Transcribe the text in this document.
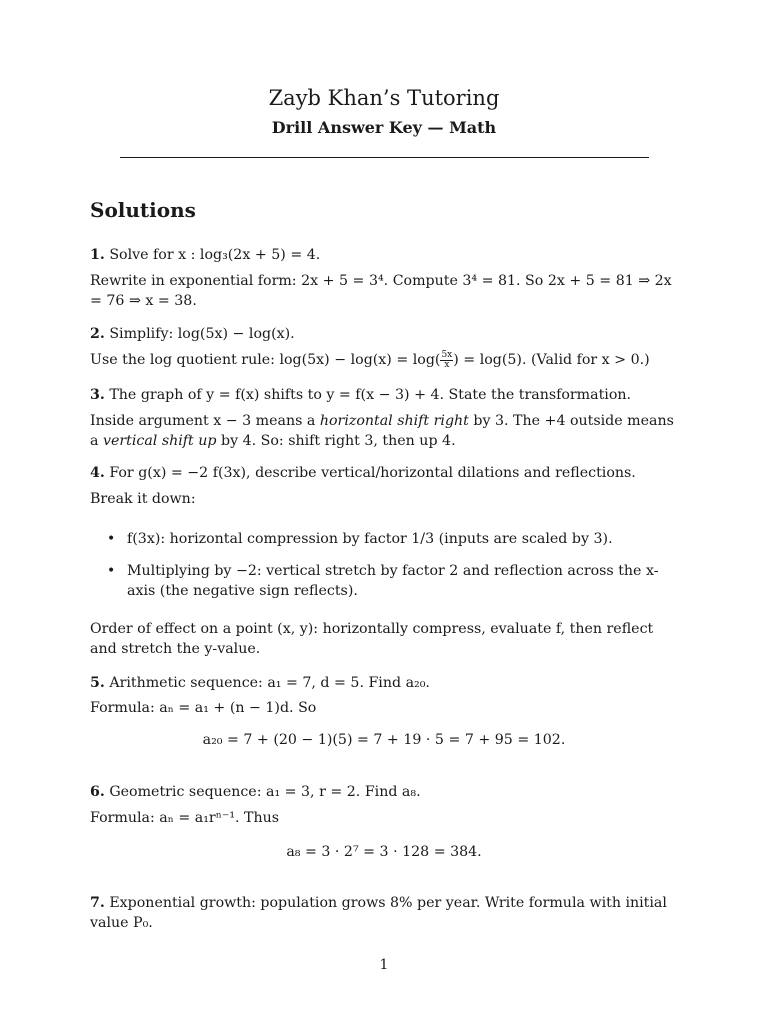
Zayb Khan’s Tutoring
Drill Answer Key — Math
Solutions
1. Solve for x : log₃(2x + 5) = 4.
Rewrite in exponential form: 2x + 5 = 3⁴. Compute 3⁴ = 81. So 2x + 5 = 81 ⇒ 2x = 76 ⇒ x = 38.
2. Simplify: log(5x) − log(x).
Use the log quotient rule: $\log(5x) - \log(x) = \log( \frac{5x}{x}$ ) = log(5). (Valid for x > 0.)
3. The graph of y = f(x) shifts to y = f(x − 3) + 4. State the transformation.
Inside argument x − 3 means a horizontal shift right by 3. The +4 outside means a vertical shift up by 4. So: shift right 3, then up 4.
4. For g(x) = −2 f(3x), describe vertical/horizontal dilations and reflections.
Break it down:
• f(3x): horizontal compression by factor 1/3 (inputs are scaled by 3).
• Multiplying by −2: vertical stretch by factor 2 and reflection across the x-axis (the negative sign reflects).
Order of effect on a point (x, y): horizontally compress, evaluate f, then reflect and stretch the y-value.
5. Arithmetic sequence: a₁ = 7, d = 5. Find a₂₀.
Formula: aₙ = a₁ + (n − 1)d. So
a₂₀ = 7 + (20 − 1)(5) = 7 + 19 · 5 = 7 + 95 = 102.
6. Geometric sequence: a₁ = 3, r = 2. Find a₈.
Formula: aₙ = a₁rⁿ⁻¹. Thus
a₈ = 3 · 2⁷ = 3 · 128 = 384.
7. Exponential growth: population grows 8% per year. Write formula with initial value P₀.
1
